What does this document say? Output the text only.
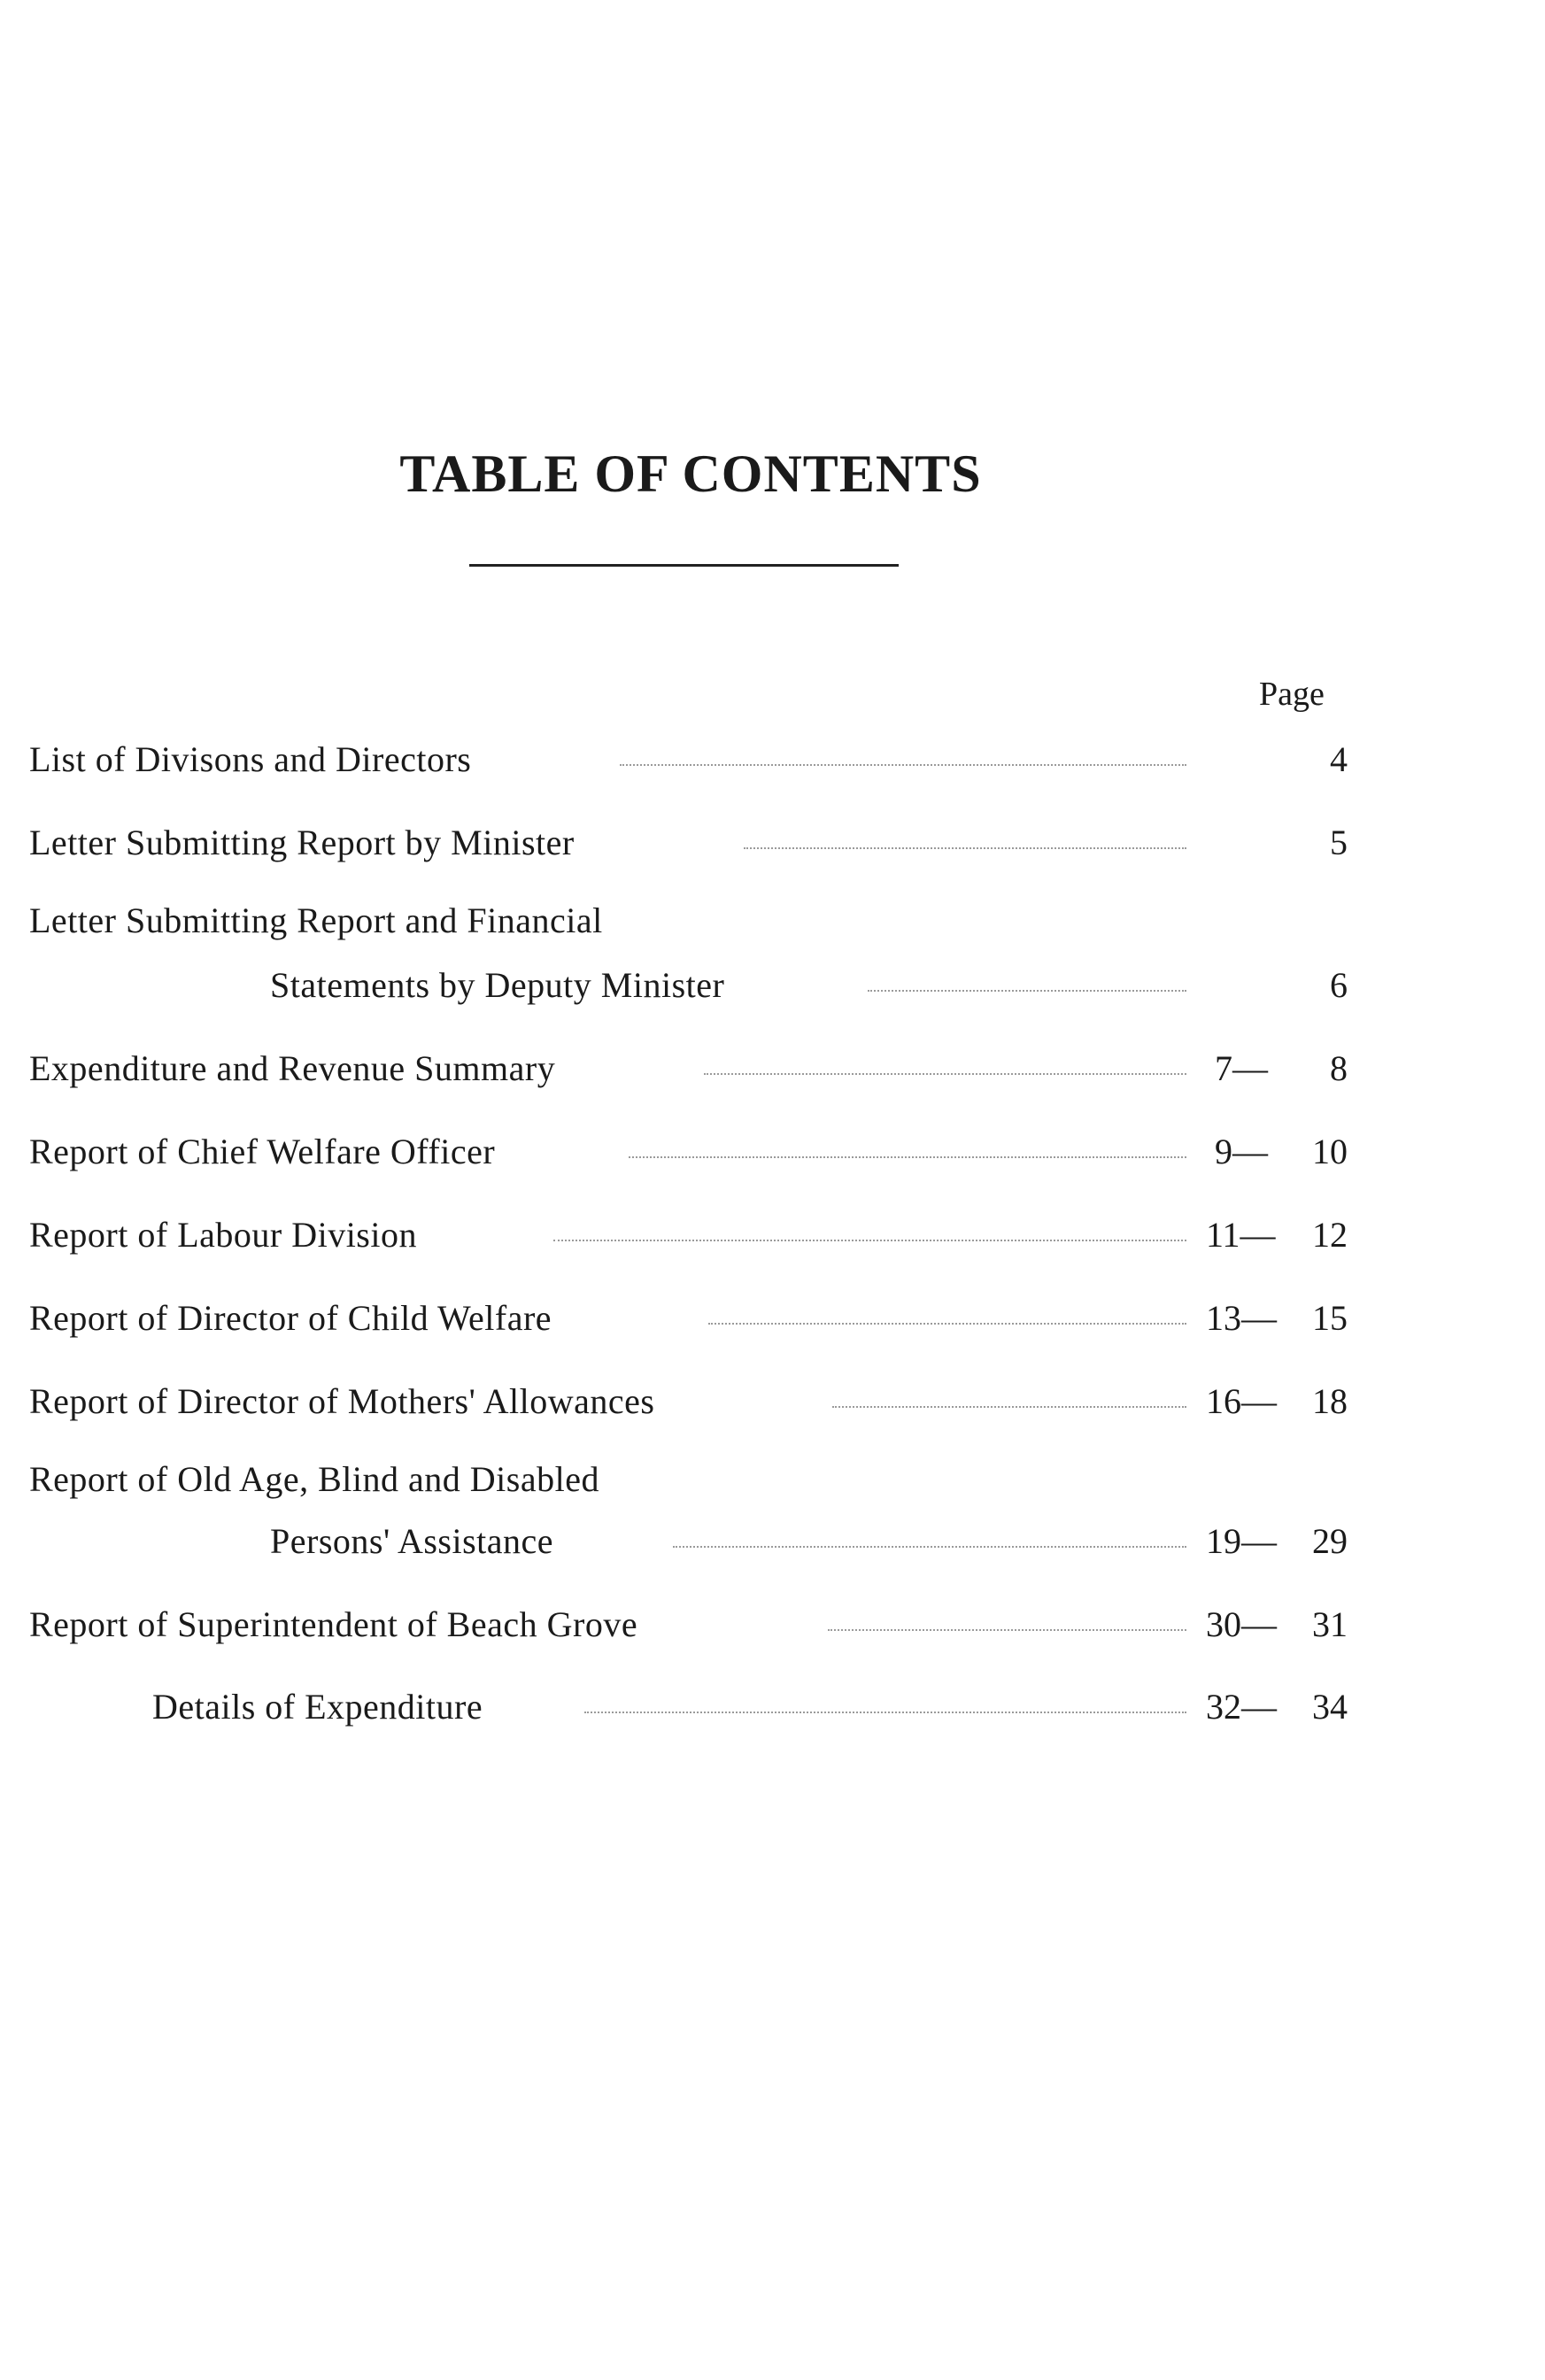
TABLE OF CONTENTS
Page
List of Divisons and Directors	4
Letter Submitting Report by Minister	5
Letter Submitting Report and Financial
Statements by Deputy Minister	6
Expenditure and Revenue Summary	7—	8
Report of Chief Welfare Officer	9—	10
Report of Labour Division	11—	12
Report of Director of Child Welfare	13—	15
Report of Director of Mothers' Allowances	16—	18
Report of Old Age, Blind and Disabled
Persons' Assistance	19—	29
Report of Superintendent of Beach Grove	30—	31
Details of Expenditure	32—	34
